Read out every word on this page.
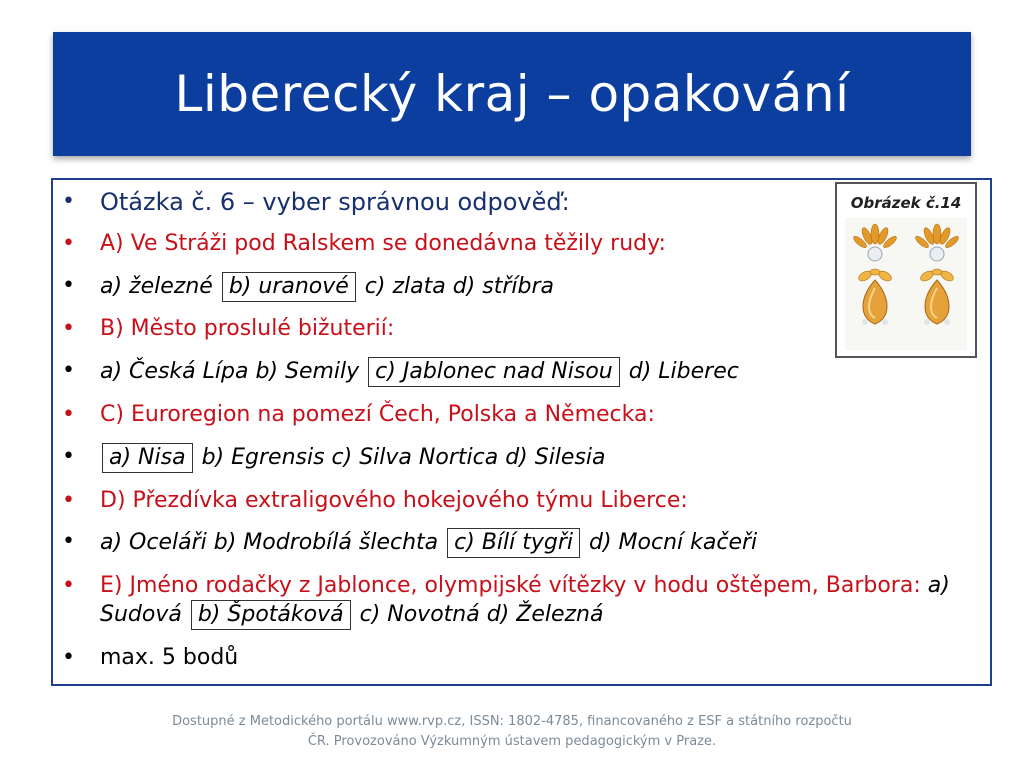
Liberecký kraj – opakování
Obrázek č.14
• Otázka č. 6 – vyber správnou odpověď:
• A) Ve Stráži pod Ralskem se donedávna těžily rudy:
• a) železné b) uranové c) zlata d) stříbra
• B) Město proslulé bižuterií:
• a) Česká Lípa b) Semily c) Jablonec nad Nisou d) Liberec
• C) Euroregion na pomezí Čech, Polska a Německa:
• a) Nisa b) Egrensis c) Silva Nortica d) Silesia
• D) Přezdívka extraligového hokejového týmu Liberce:
• a) Oceláři b) Modrobílá šlechta c) Bílí tygři d) Mocní kačeři
• E) Jméno rodačky z Jablonce, olympijské vítězky v hodu oštěpem, Barbora: a) Sudová b) Špotáková c) Novotná d) Železná
• max. 5 bodů
Dostupné z Metodického portálu www.rvp.cz, ISSN: 1802-4785, financovaného z ESF a státního rozpočtu
ČR. Provozováno Výzkumným ústavem pedagogickým v Praze.
